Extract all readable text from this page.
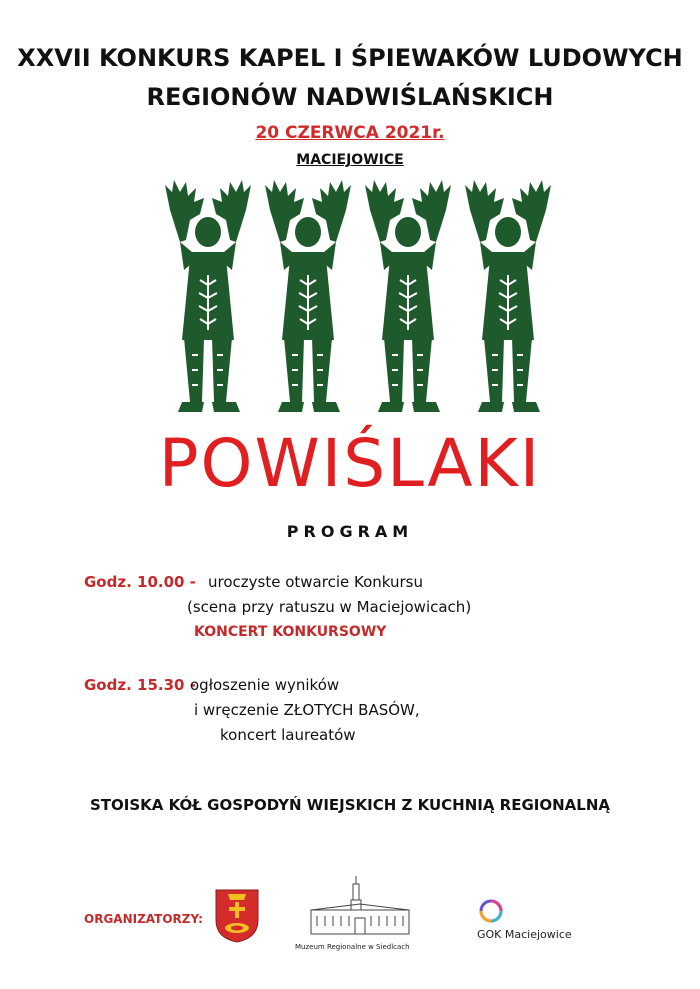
XXVII KONKURS KAPEL I ŚPIEWAKÓW LUDOWYCH
REGIONÓW NADWIŚLAŃSKICH
20 CZERWCA 2021r.
MACIEJOWICE
POWIŚLAKI
PROGRAM
Godz. 10.00 - uroczyste otwarcie Konkursu
(scena przy ratuszu w Maciejowicach)
KONCERT KONKURSOWY
Godz. 15.30 -
ogłoszenie wyników
i wręczenie ZŁOTYCH BASÓW,
koncert laureatów
STOISKA KÓŁ GOSPODYŃ WIEJSKICH Z KUCHNIĄ REGIONALNĄ
ORGANIZATORZY:
Muzeum Regionalne w Siedlcach
GOK Maciejowice
